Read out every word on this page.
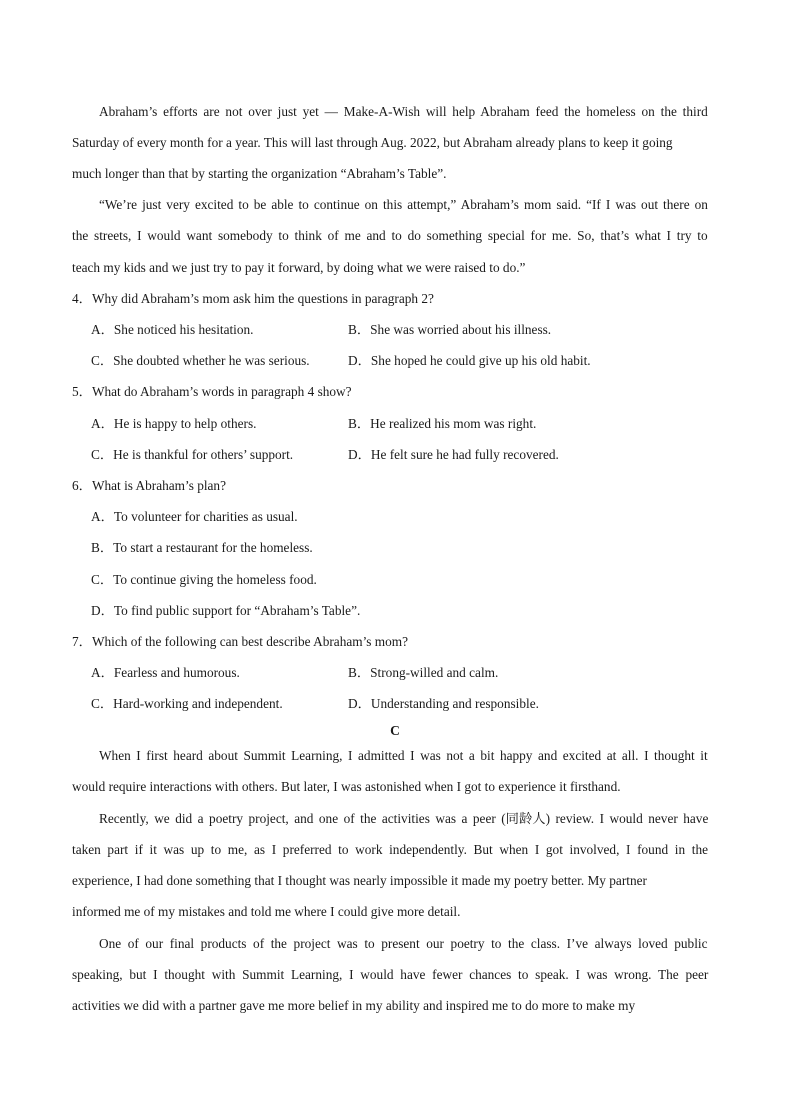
Abraham’s efforts are not over just yet — Make-A-Wish will help Abraham feed the homeless on the third
Saturday of every month for a year. This will last through Aug. 2022, but Abraham already plans to keep it going
much longer than that by starting the organization “Abraham’s Table”.
“We’re just very excited to be able to continue on this attempt,” Abraham’s mom said. “If I was out there on
the streets, I would want somebody to think of me and to do something special for me. So, that’s what I try to
teach my kids and we just try to pay it forward, by doing what we were raised to do.”
4．Why did Abraham’s mom ask him the questions in paragraph 2?
A．She noticed his hesitation.	B．She was worried about his illness.
C．She doubted whether he was serious.	D．She hoped he could give up his old habit.
5．What do Abraham’s words in paragraph 4 show?
A．He is happy to help others.	B．He realized his mom was right.
C．He is thankful for others’ support.	D．He felt sure he had fully recovered.
6．What is Abraham’s plan?
A．To volunteer for charities as usual.
B．To start a restaurant for the homeless.
C．To continue giving the homeless food.
D．To find public support for “Abraham’s Table”.
7．Which of the following can best describe Abraham’s mom?
A．Fearless and humorous.	B．Strong-willed and calm.
C．Hard-working and independent.	D．Understanding and responsible.
C
When I first heard about Summit Learning, I admitted I was not a bit happy and excited at all. I thought it
would require interactions with others. But later, I was astonished when I got to experience it firsthand.
Recently, we did a poetry project, and one of the activities was a peer (同龄人) review. I would never have
taken part if it was up to me, as I preferred to work independently. But when I got involved, I found in the
experience, I had done something that I thought was nearly impossible it made my poetry better. My partner
informed me of my mistakes and told me where I could give more detail.
One of our final products of the project was to present our poetry to the class. I’ve always loved public
speaking, but I thought with Summit Learning, I would have fewer chances to speak. I was wrong. The peer
activities we did with a partner gave me more belief in my ability and inspired me to do more to make my
